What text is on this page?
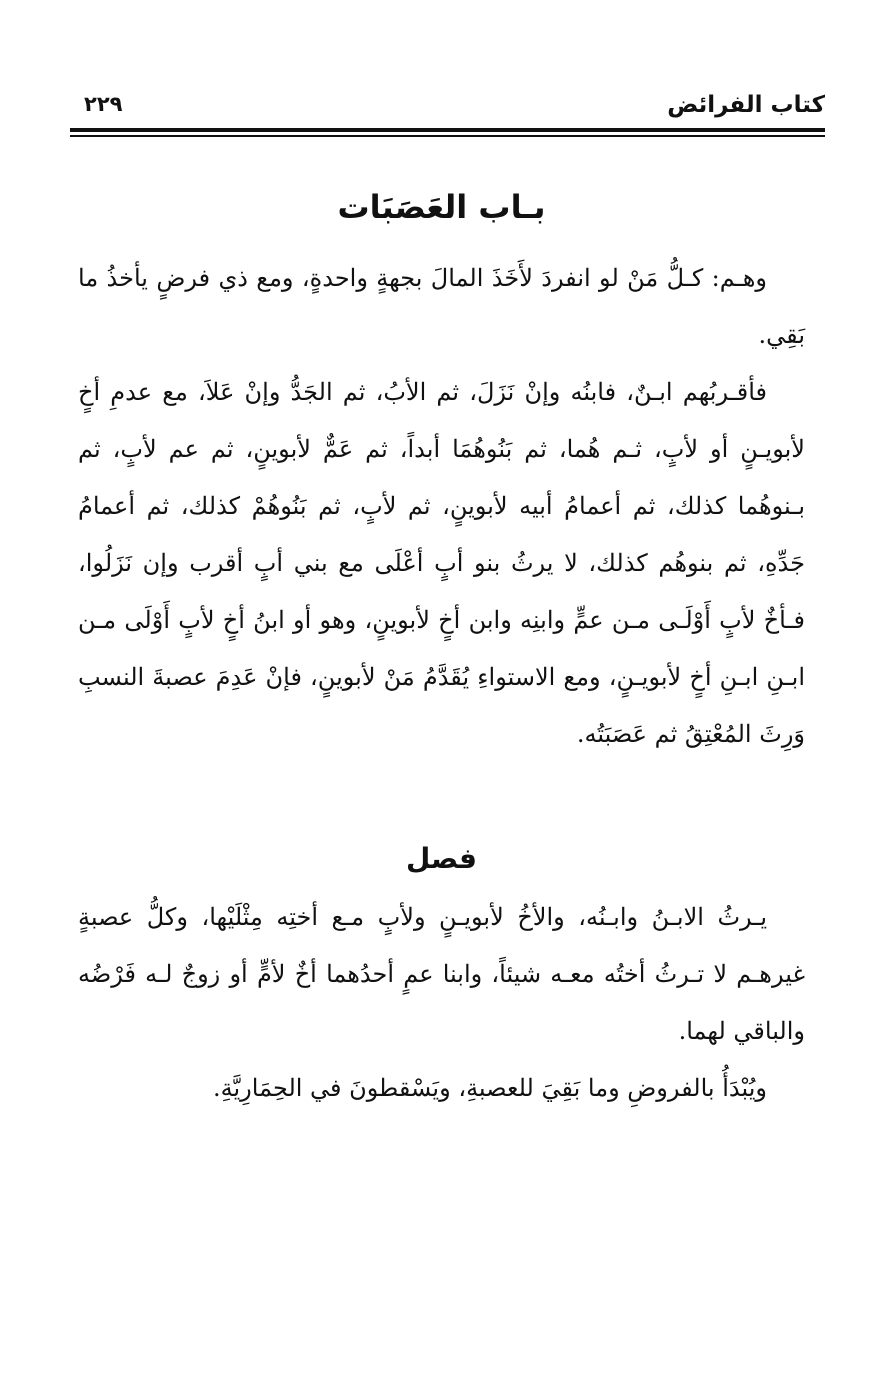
كتاب الفرائض
٢٢٩
بـاب العَصَبَات

وهـم: كـلُّ مَنْ لو انفردَ لأَخَذَ المالَ بجهةٍ واحدةٍ، ومع ذي فرضٍ يأخذُ ما بَقِي.

فأقـربُهم ابـنٌ، فابنُه وإنْ نَزَلَ، ثم الأبُ، ثم الجَدُّ وإنْ عَلاَ، مع عدمِ أخٍ لأبويـنٍ أو لأبٍ، ثـم هُما، ثم بَنُوهُمَا أبداً، ثم عَمٌّ لأبوينٍ، ثم عم لأبٍ، ثم بـنوهُما كذلك، ثم أعمامُ أبيه لأبوينٍ، ثم لأبٍ، ثم بَنُوهُمْ كذلك، ثم أعمامُ جَدِّهِ، ثم بنوهُم كذلك، لا يرثُ بنو أبٍ أعْلَى مع بني أبٍ أقرب وإن نَزَلُوا، فـأخٌ لأبٍ أَوْلَـى مـن عمٍّ وابنِه وابن أخٍ لأبوينٍ، وهو أو ابنُ أخٍ لأبٍ أَوْلَى مـن ابـنِ ابـنِ أخٍ لأبويـنٍ، ومع الاستواءِ يُقَدَّمُ مَنْ لأبوينٍ، فإنْ عَدِمَ عصبةَ النسبِ وَرِثَ المُعْتِقُ ثم عَصَبَتُه.

فصل

يـرثُ الابـنُ وابـنُه، والأخُ لأبويـنٍ ولأبٍ مـع أختِه مِثْلَيْها، وكلُّ عصبةٍ غيرهـم لا تـرثُ أختُه معـه شيئاً، وابنا عمٍ أحدُهما أخٌ لأمٍّ أو زوجٌ لـه فَرْضُه والباقي لهما.

ويُبْدَأُ بالفروضِ وما بَقِيَ للعصبةِ، ويَسْقطونَ في الحِمَارِيَّةِ.
